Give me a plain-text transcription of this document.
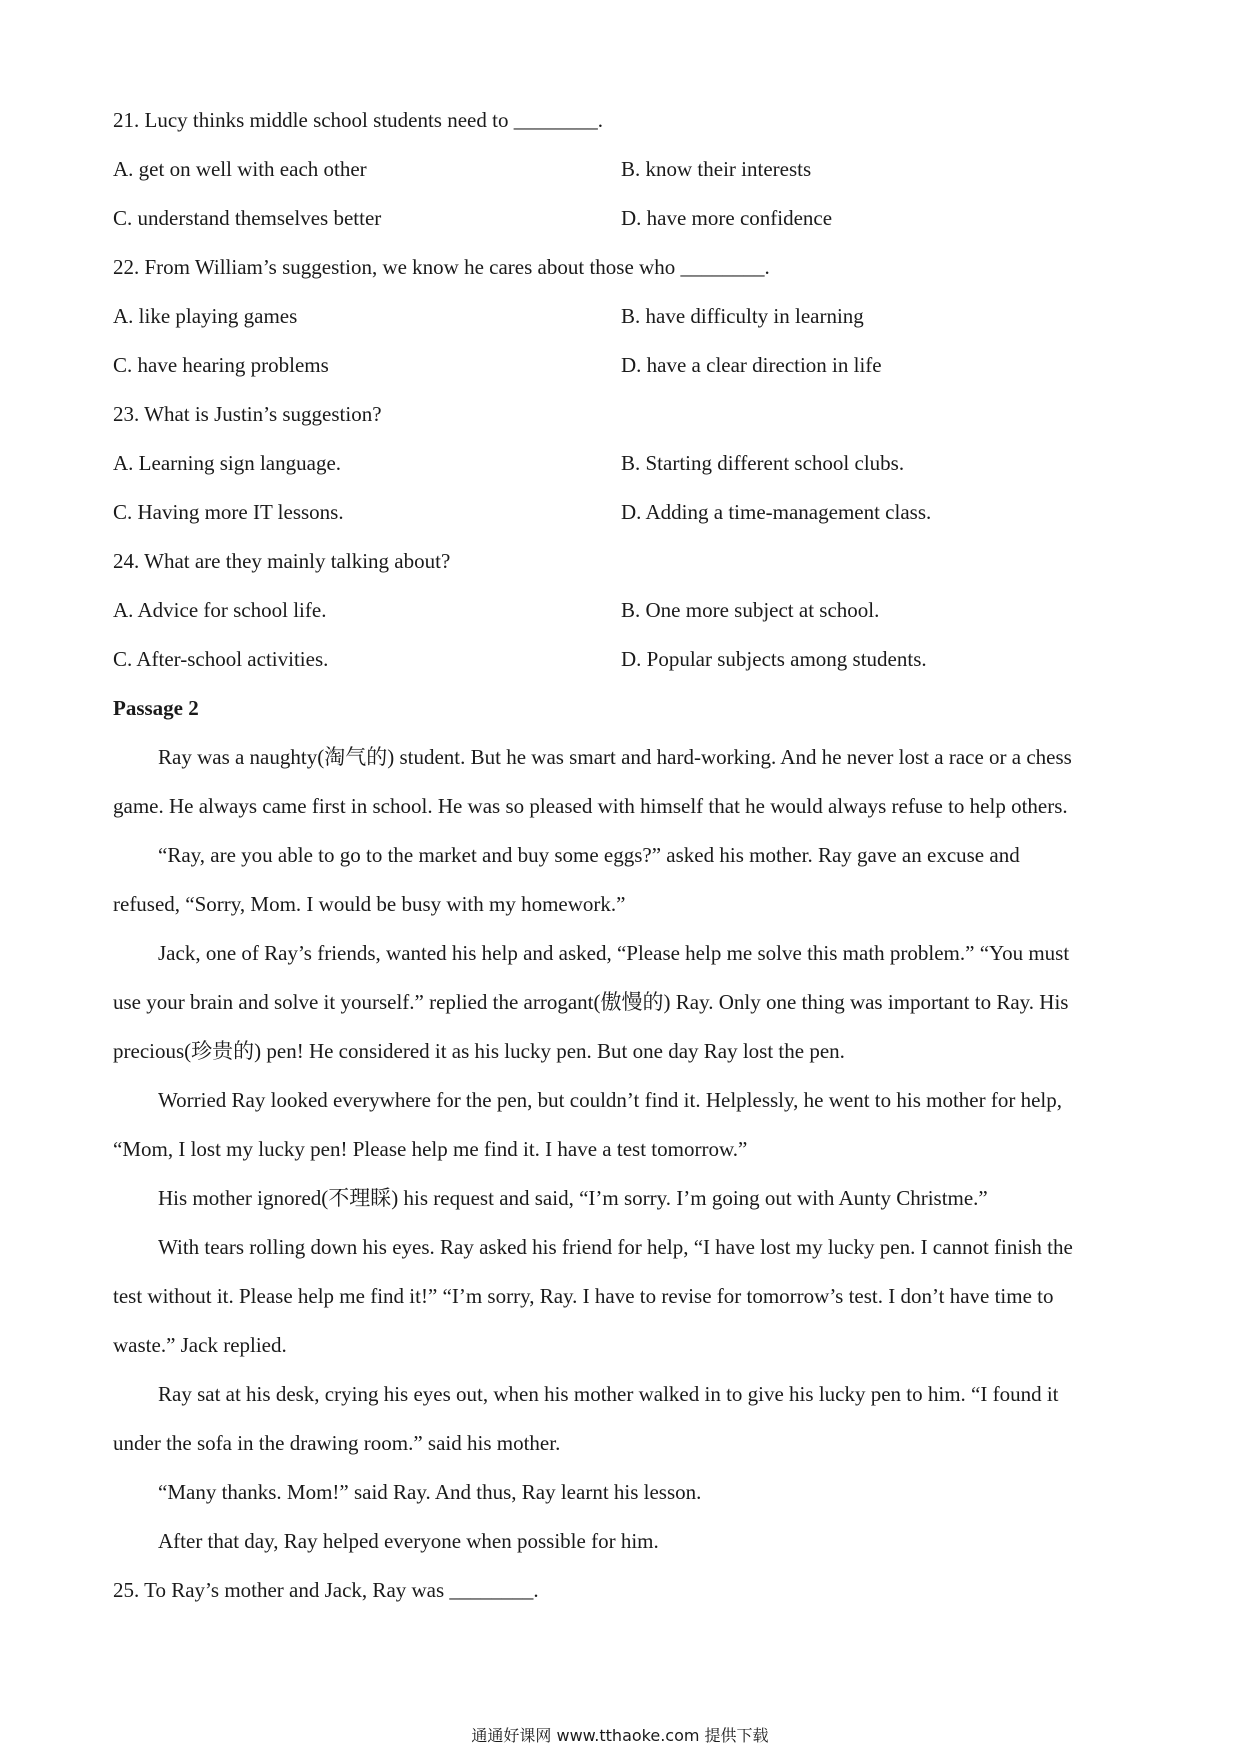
21. Lucy thinks middle school students need to ________.
A. get on well with each other	B. know their interests
C. understand themselves better	D. have more confidence
22. From William’s suggestion, we know he cares about those who ________.
A. like playing games	B. have difficulty in learning
C. have hearing problems	D. have a clear direction in life
23. What is Justin’s suggestion?
A. Learning sign language.	B. Starting different school clubs.
C. Having more IT lessons.	D. Adding a time-management class.
24. What are they mainly talking about?
A. Advice for school life.	B. One more subject at school.
C. After-school activities.	D. Popular subjects among students.
Passage 2
Ray was a naughty(淘气的) student. But he was smart and hard-working. And he never lost a race or a chess
game. He always came first in school. He was so pleased with himself that he would always refuse to help others.
“Ray, are you able to go to the market and buy some eggs?” asked his mother. Ray gave an excuse and
refused, “Sorry, Mom. I would be busy with my homework.”
Jack, one of Ray’s friends, wanted his help and asked, “Please help me solve this math problem.” “You must
use your brain and solve it yourself.” replied the arrogant(傲慢的) Ray. Only one thing was important to Ray. His
precious(珍贵的) pen! He considered it as his lucky pen. But one day Ray lost the pen.
Worried Ray looked everywhere for the pen, but couldn’t find it. Helplessly, he went to his mother for help,
“Mom, I lost my lucky pen! Please help me find it. I have a test tomorrow.”
His mother ignored(不理睬) his request and said, “I’m sorry. I’m going out with Aunty Christme.”
With tears rolling down his eyes. Ray asked his friend for help, “I have lost my lucky pen. I cannot finish the
test without it. Please help me find it!” “I’m sorry, Ray. I have to revise for tomorrow’s test. I don’t have time to
waste.” Jack replied.
Ray sat at his desk, crying his eyes out, when his mother walked in to give his lucky pen to him. “I found it
under the sofa in the drawing room.” said his mother.
“Many thanks. Mom!” said Ray. And thus, Ray learnt his lesson.
After that day, Ray helped everyone when possible for him.
25. To Ray’s mother and Jack, Ray was ________.
通通好课网 www.tthaoke.com 提供下载
